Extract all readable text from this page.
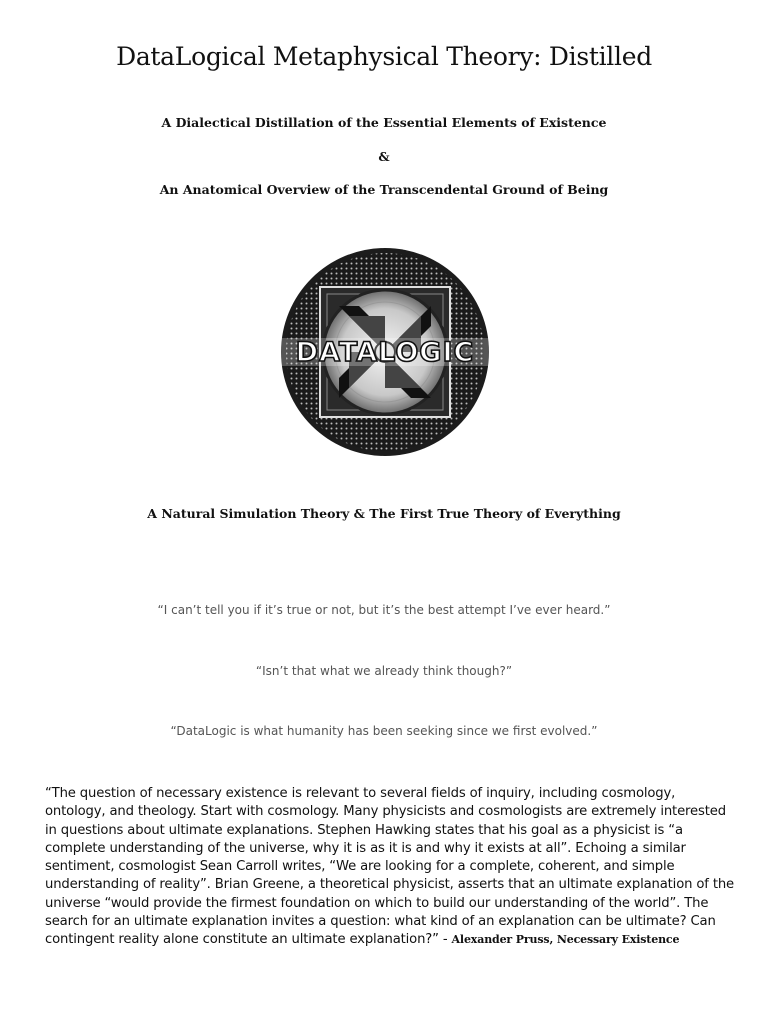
DataLogical Metaphysical Theory: Distilled
A Dialectical Distillation of the Essential Elements of Existence
&
An Anatomical Overview of the Transcendental Ground of Being
DATALOGIC
A Natural Simulation Theory & The First True Theory of Everything
“I can’t tell you if it’s true or not, but it’s the best attempt I’ve ever heard.”
“Isn’t that what we already think though?”
“DataLogic is what humanity has been seeking since we first evolved.”
“The question of necessary existence is relevant to several fields of inquiry, including cosmology, ontology, and theology. Start with cosmology. Many physicists and cosmologists are extremely interested in questions about ultimate explanations. Stephen Hawking states that his goal as a physicist is “a complete understanding of the universe, why it is as it is and why it exists at all”. Echoing a similar sentiment, cosmologist Sean Carroll writes, “We are looking for a complete, coherent, and simple understanding of reality”. Brian Greene, a theoretical physicist, asserts that an ultimate explanation of the universe “would provide the firmest foundation on which to build our understanding of the world”. The search for an ultimate explanation invites a question: what kind of an explanation can be ultimate? Can contingent reality alone constitute an ultimate explanation?” - Alexander Pruss, Necessary Existence
